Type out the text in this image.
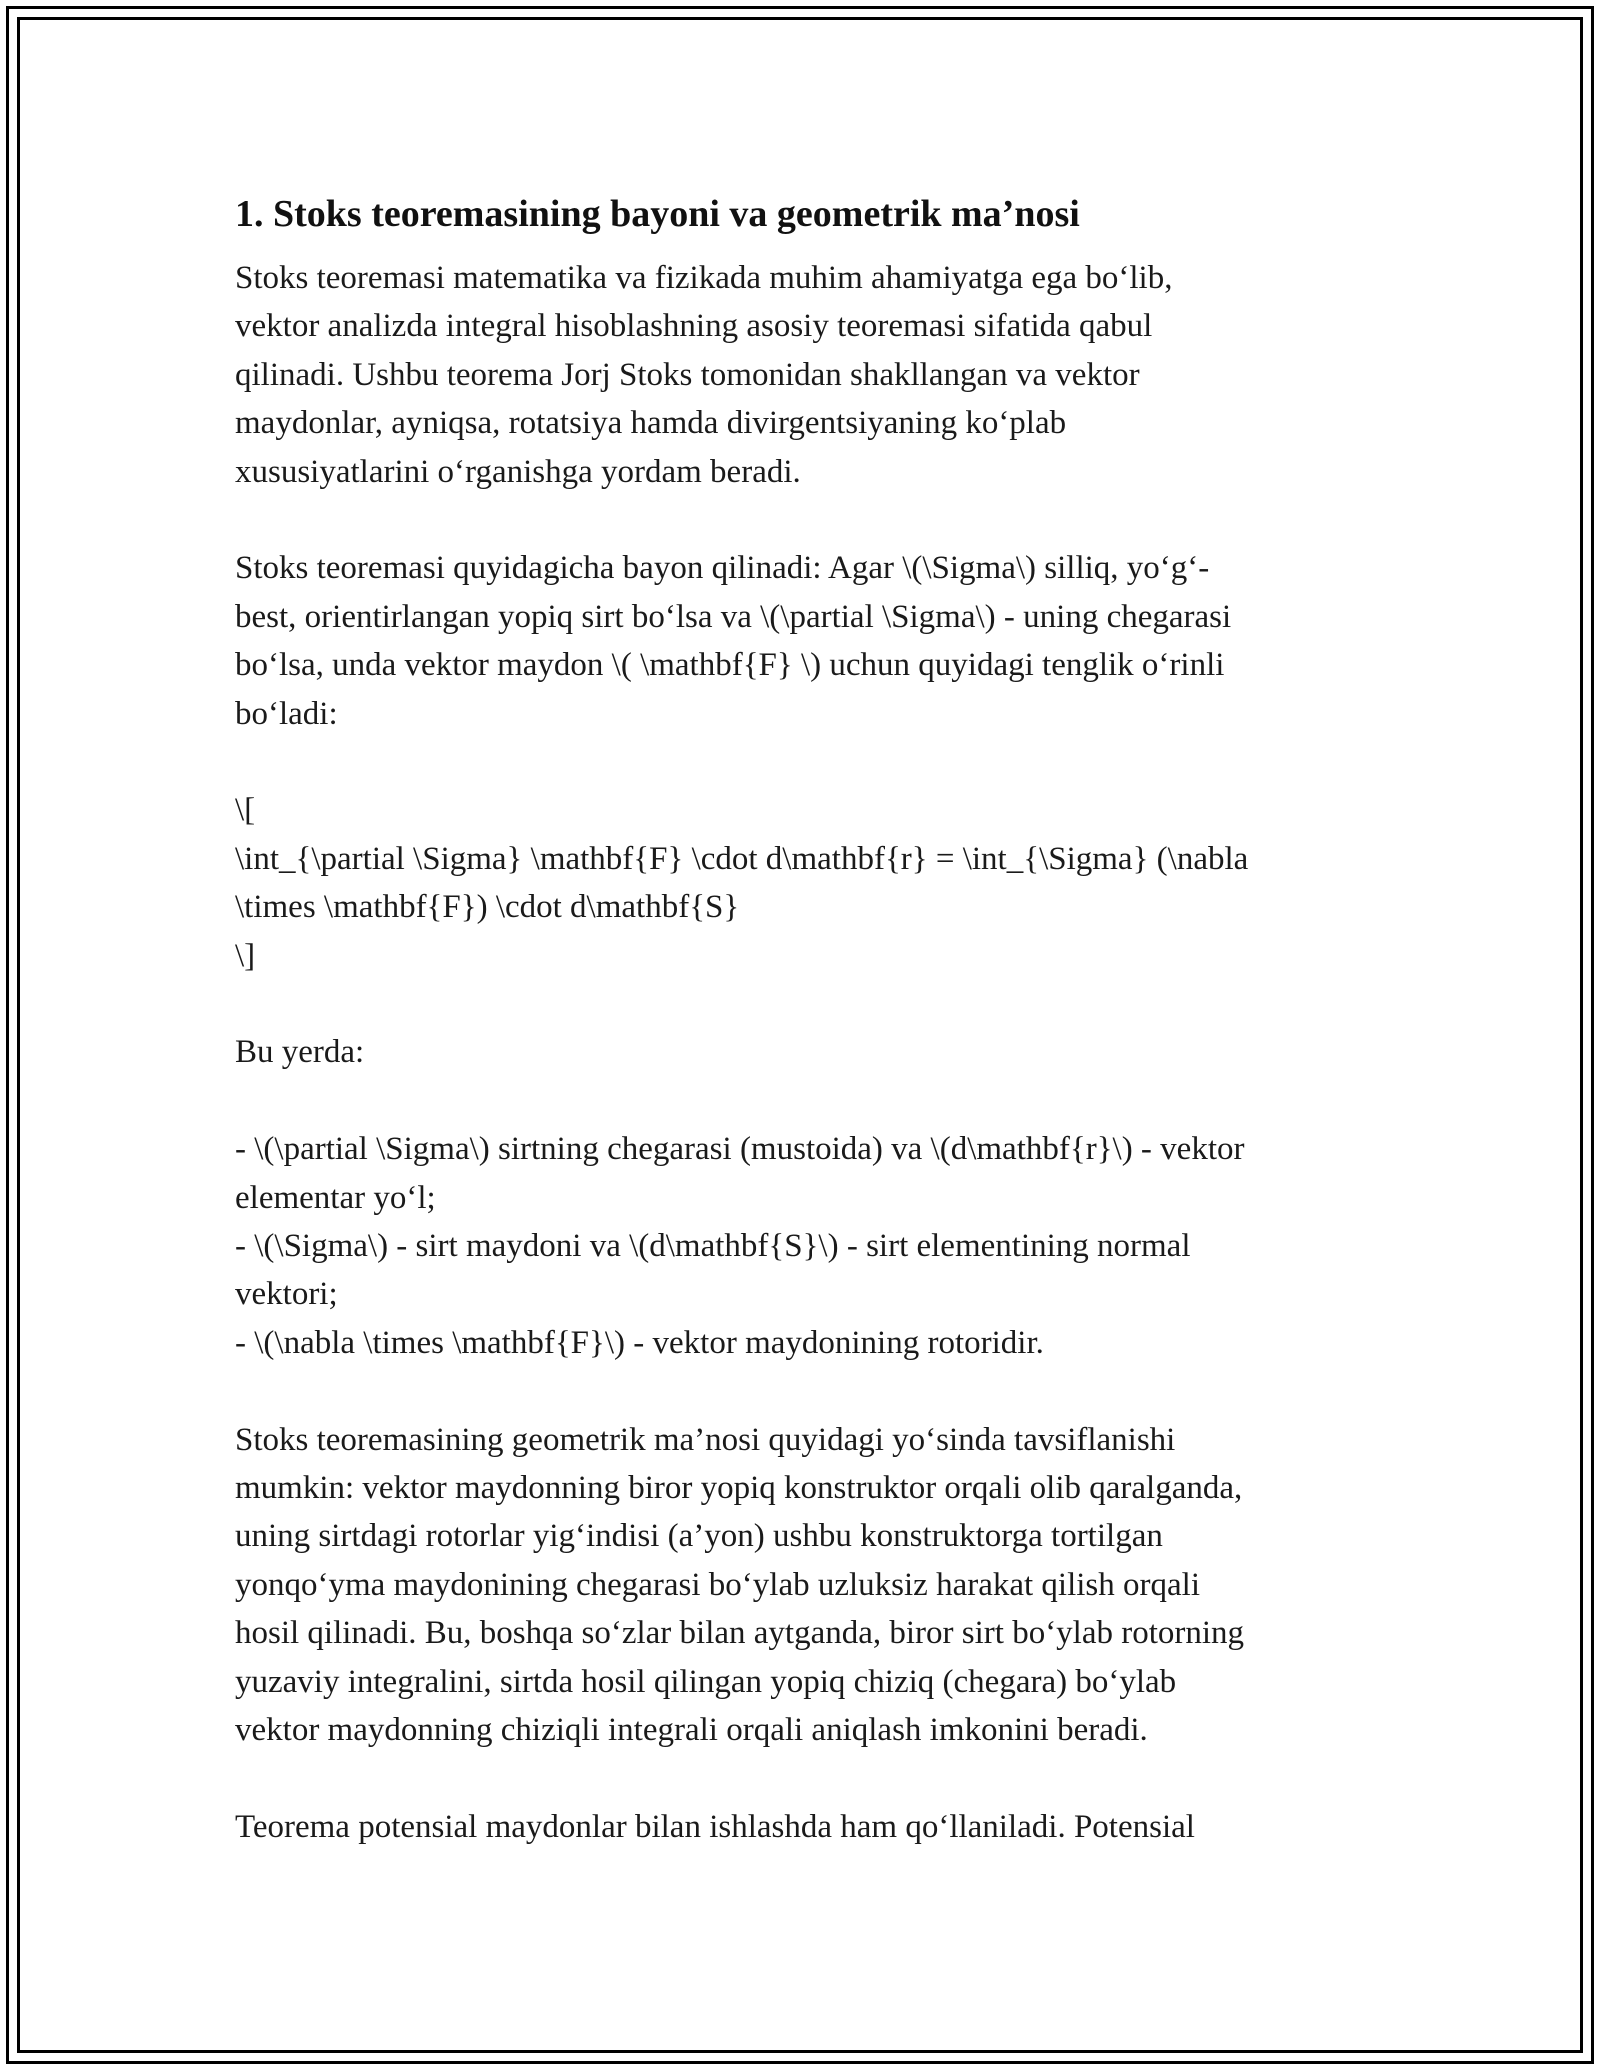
1. Stoks teoremasining bayoni va geometrik ma’nosi
Stoks teoremasi matematika va fizikada muhim ahamiyatga ega bo‘lib,
vektor analizda integral hisoblashning asosiy teoremasi sifatida qabul
qilinadi. Ushbu teorema Jorj Stoks tomonidan shakllangan va vektor
maydonlar, ayniqsa, rotatsiya hamda divirgentsiyaning ko‘plab
xususiyatlarini o‘rganishga yordam beradi.
Stoks teoremasi quyidagicha bayon qilinadi: Agar \(\Sigma\) silliq, yo‘g‘-
best, orientirlangan yopiq sirt bo‘lsa va \(\partial \Sigma\) - uning chegarasi
bo‘lsa, unda vektor maydon \( \mathbf{F} \) uchun quyidagi tenglik o‘rinli
bo‘ladi:
\[
\int_{\partial \Sigma} \mathbf{F} \cdot d\mathbf{r} = \int_{\Sigma} (\nabla
\times \mathbf{F}) \cdot d\mathbf{S}
\]
Bu yerda:
- \(\partial \Sigma\) sirtning chegarasi (mustoida) va \(d\mathbf{r}\) - vektor
elementar yo‘l;
- \(\Sigma\) - sirt maydoni va \(d\mathbf{S}\) - sirt elementining normal
vektori;
- \(\nabla \times \mathbf{F}\) - vektor maydonining rotoridir.
Stoks teoremasining geometrik ma’nosi quyidagi yo‘sinda tavsiflanishi
mumkin: vektor maydonning biror yopiq konstruktor orqali olib qaralganda,
uning sirtdagi rotorlar yig‘indisi (a’yon) ushbu konstruktorga tortilgan
yonqo‘yma maydonining chegarasi bo‘ylab uzluksiz harakat qilish orqali
hosil qilinadi. Bu, boshqa so‘zlar bilan aytganda, biror sirt bo‘ylab rotorning
yuzaviy integralini, sirtda hosil qilingan yopiq chiziq (chegara) bo‘ylab
vektor maydonning chiziqli integrali orqali aniqlash imkonini beradi.
Teorema potensial maydonlar bilan ishlashda ham qo‘llaniladi. Potensial
